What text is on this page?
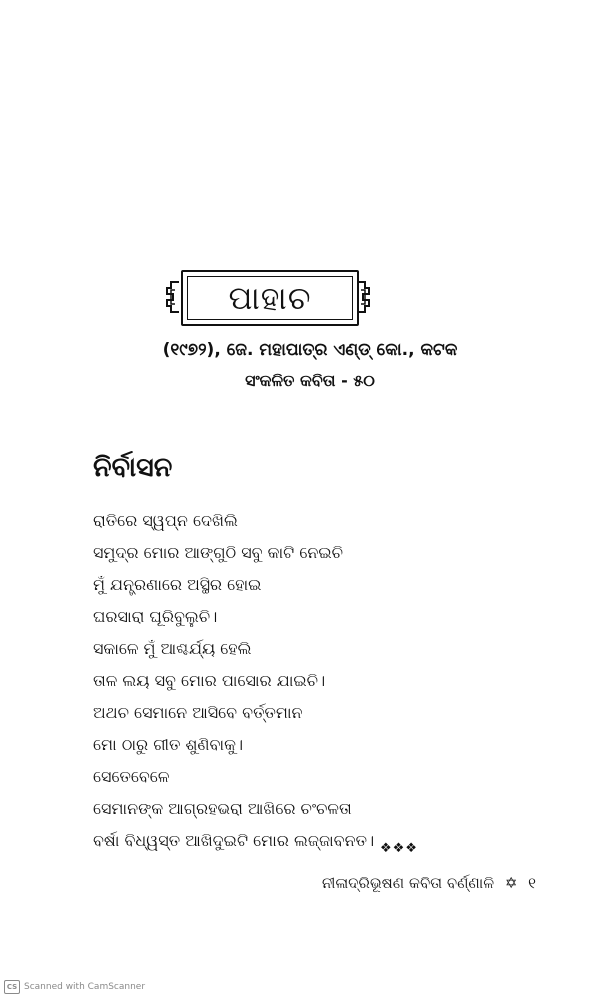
ପାହାଚ
(୧୯୭୨), ଜେ. ମହାପାତ୍ର ଏଣ୍ଡ୍ କୋ., କଟକ
ସଂକଳିତ କବିତା - ୫୦
ନିର୍ବାସନ
ରାତିରେ ସ୍ୱପ୍ନ ଦେଖିଲି
ସମୁଦ୍ର ମୋର ଆଙ୍ଗୁଠି ସବୁ କାଟି ନେଇଚି
ମୁଁ ଯନ୍ତ୍ରଣାରେ ଅସ୍ଥିର ହୋଇ
ଘରସାରା ଘୂରିବୁଲୁଚି।
ସକାଳେ ମୁଁ ଆଶ୍ଚର୍ଯ୍ୟ ହେଲି
ତାଳ ଲୟ ସବୁ ମୋର ପାସୋର ଯାଇଚି।
ଅଥଚ ସେମାନେ ଆସିବେ ବର୍ତ୍ତମାନ
ମୋ ଠାରୁ ଗୀତ ଶୁଣିବାକୁ।
ସେତେବେଳେ
ସେମାନଙ୍କ ଆଗ୍ରହଭରା ଆଖିରେ ଚଂଚଳତା
ବର୍ଷା ବିଧ୍ୱସ୍ତ ଆଖିଦୁଇଟି ମୋର ଲଜ୍ଜାବନତ। ❖❖❖
ନୀଳାଦ୍ରିଭୂଷଣ କବିତା ବର୍ଣ୍ଣାଳି ✡ ୧
CS Scanned with CamScanner
